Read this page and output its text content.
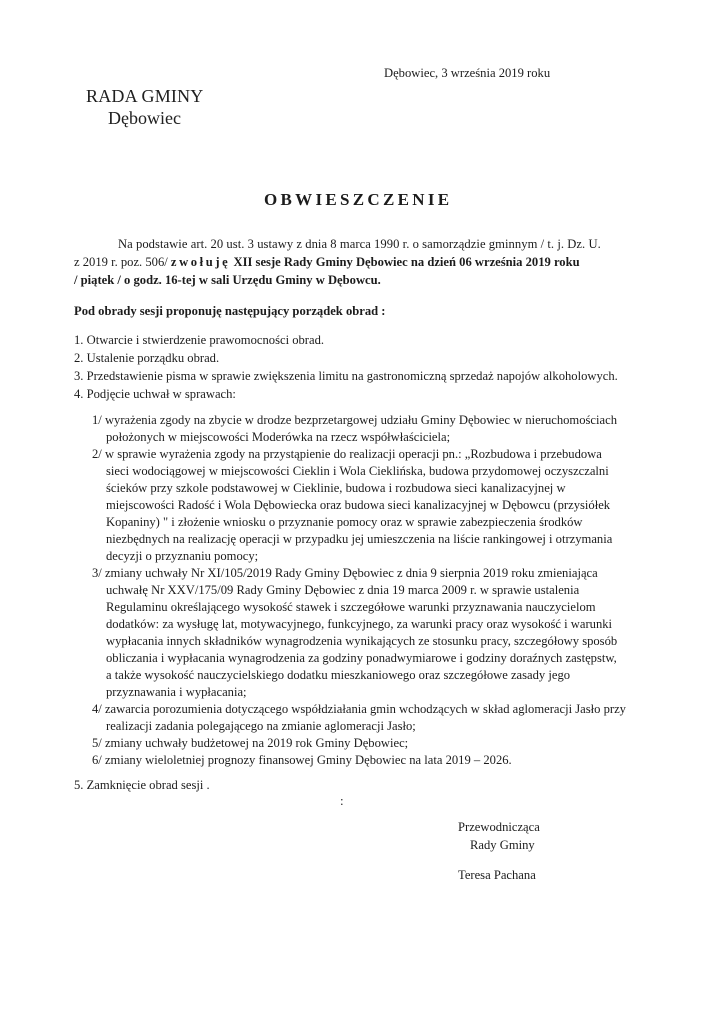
Dębowiec, 3 września 2019 roku
RADA GMINY
Dębowiec
OBWIESZCZENIE
Na podstawie art. 20 ust. 3 ustawy z dnia 8 marca 1990 r. o samorządzie gminnym / t. j. Dz. U.
z 2019 r. poz. 506/ zwołuję XII sesje Rady Gminy Dębowiec na dzień 06 września 2019 roku
/ piątek / o godz. 16-tej w sali Urzędu Gminy w Dębowcu.
Pod obrady sesji proponuję następujący porządek obrad :
1. Otwarcie i stwierdzenie prawomocności obrad.
2. Ustalenie porządku obrad.
3. Przedstawienie pisma w sprawie zwiększenia limitu na gastronomiczną sprzedaż napojów alkoholowych.
4. Podjęcie uchwał w sprawach:
1/ wyrażenia zgody na zbycie w drodze bezprzetargowej udziału Gminy Dębowiec w nieruchomościach
położonych w miejscowości Moderówka na rzecz współwłaściciela;
2/ w sprawie wyrażenia zgody na przystąpienie do realizacji operacji pn.: „Rozbudowa i przebudowa
sieci wodociągowej w miejscowości Cieklin i Wola Cieklińska, budowa przydomowej oczyszczalni
ścieków przy szkole podstawowej w Cieklinie, budowa i rozbudowa sieci kanalizacyjnej w
miejscowości Radość i Wola Dębowiecka oraz budowa sieci kanalizacyjnej w Dębowcu (przysiółek
Kopaniny) " i złożenie wniosku o przyznanie pomocy oraz w sprawie zabezpieczenia środków
niezbędnych na realizację operacji w przypadku jej umieszczenia na liście rankingowej i otrzymania
decyzji o przyznaniu pomocy;
3/ zmiany uchwały Nr XI/105/2019 Rady Gminy Dębowiec z dnia 9 sierpnia 2019 roku zmieniająca
uchwałę Nr XXV/175/09 Rady Gminy Dębowiec z dnia 19 marca 2009 r. w sprawie ustalenia
Regulaminu określającego wysokość stawek i szczegółowe warunki przyznawania nauczycielom
dodatków: za wysługę lat, motywacyjnego, funkcyjnego, za warunki pracy oraz wysokość i warunki
wypłacania innych składników wynagrodzenia wynikających ze stosunku pracy, szczegółowy sposób
obliczania i wypłacania wynagrodzenia za godziny ponadwymiarowe i godziny doraźnych zastępstw,
a także wysokość nauczycielskiego dodatku mieszkaniowego oraz szczegółowe zasady jego
przyznawania i wypłacania;
4/ zawarcia porozumienia dotyczącego współdziałania gmin wchodzących w skład aglomeracji Jasło przy
realizacji zadania polegającego na zmianie aglomeracji Jasło;
5/ zmiany uchwały budżetowej na 2019 rok Gminy Dębowiec;
6/ zmiany wieloletniej prognozy finansowej Gminy Dębowiec na lata 2019 – 2026.
5. Zamknięcie obrad sesji .
:
Przewodnicząca
Rady Gminy
Teresa Pachana
